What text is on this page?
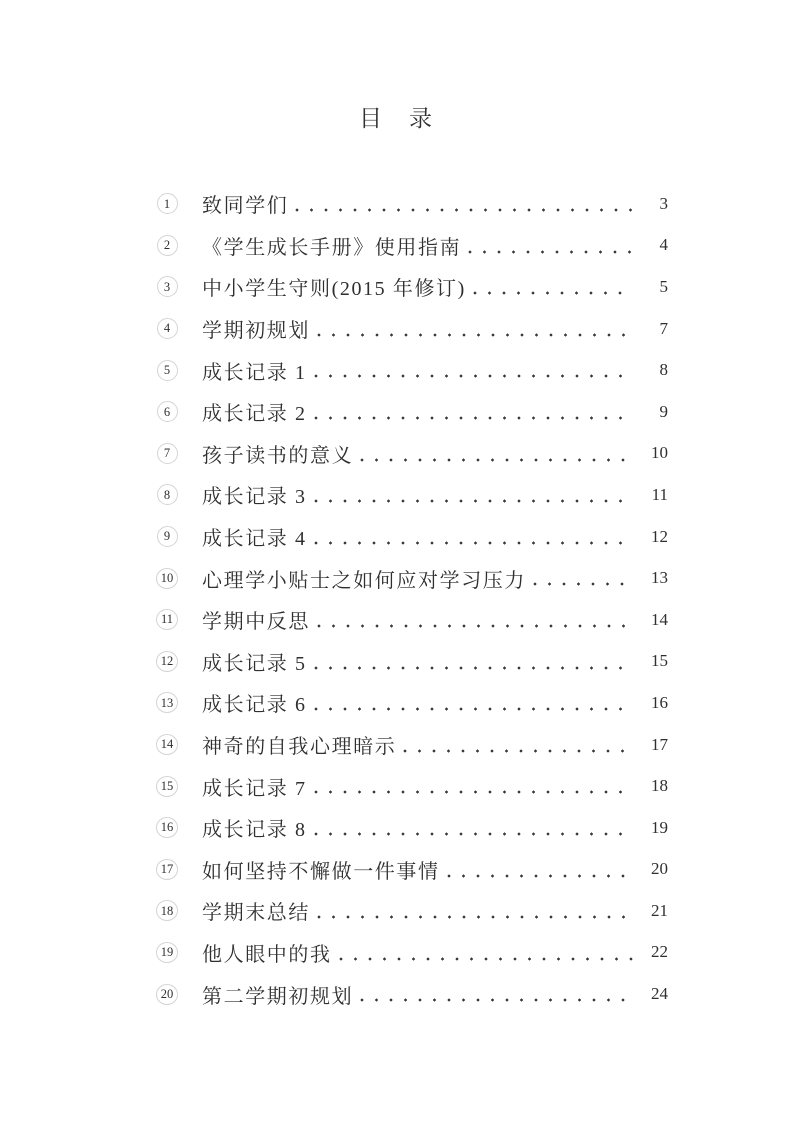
目　录
1 致同学们	3
2 《学生成长手册》使用指南	4
3 中小学生守则(2015 年修订)	5
4 学期初规划	7
5 成长记录 1	8
6 成长记录 2	9
7 孩子读书的意义	10
8 成长记录 3	11
9 成长记录 4	12
10 心理学小贴士之如何应对学习压力	13
11 学期中反思	14
12 成长记录 5	15
13 成长记录 6	16
14 神奇的自我心理暗示	17
15 成长记录 7	18
16 成长记录 8	19
17 如何坚持不懈做一件事情	20
18 学期末总结	21
19 他人眼中的我	22
20 第二学期初规划	24
